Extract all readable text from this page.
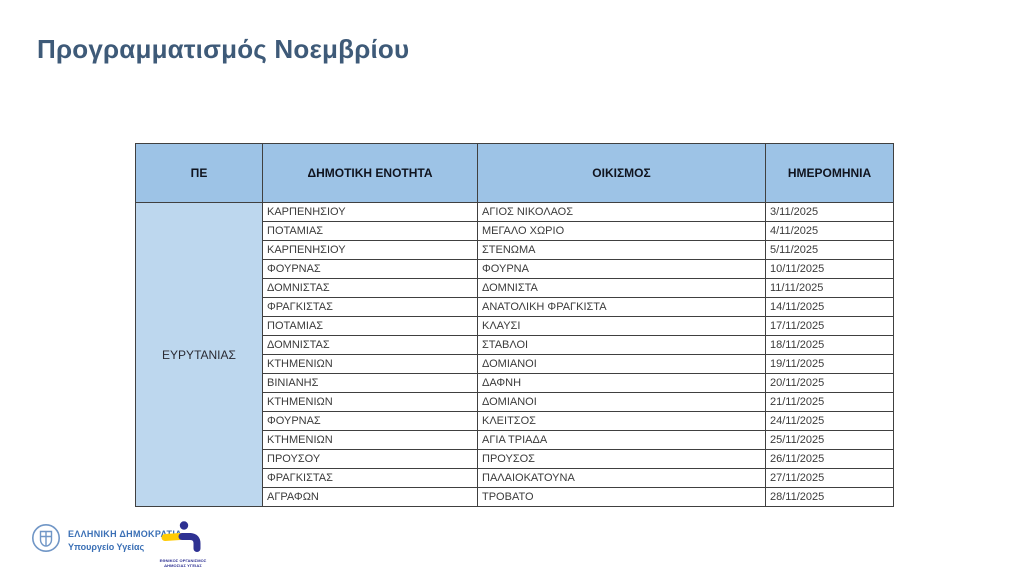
Προγραμματισμός Νοεμβρίου
ΠΕ	ΔΗΜΟΤΙΚΗ ΕΝΟΤΗΤΑ	ΟΙΚΙΣΜΟΣ	ΗΜΕΡΟΜΗΝΙΑ
ΕΥΡΥΤΑΝΙΑΣ	ΚΑΡΠΕΝΗΣΙΟΥ	ΑΓΙΟΣ ΝΙΚΟΛΑΟΣ	3/11/2025
	ΠΟΤΑΜΙΑΣ	ΜΕΓΑΛΟ ΧΩΡΙΟ	4/11/2025
	ΚΑΡΠΕΝΗΣΙΟΥ	ΣΤΕΝΩΜΑ	5/11/2025
	ΦΟΥΡΝΑΣ	ΦΟΥΡΝΑ	10/11/2025
	ΔΟΜΝΙΣΤΑΣ	ΔΟΜΝΙΣΤΑ	11/11/2025
	ΦΡΑΓΚΙΣΤΑΣ	ΑΝΑΤΟΛΙΚΗ ΦΡΑΓΚΙΣΤΑ	14/11/2025
	ΠΟΤΑΜΙΑΣ	ΚΛΑΥΣΙ	17/11/2025
	ΔΟΜΝΙΣΤΑΣ	ΣΤΑΒΛΟΙ	18/11/2025
	ΚΤΗΜΕΝΙΩΝ	ΔΟΜΙΑΝΟΙ	19/11/2025
	ΒΙΝΙΑΝΗΣ	ΔΑΦΝΗ	20/11/2025
	ΚΤΗΜΕΝΙΩΝ	ΔΟΜΙΑΝΟΙ	21/11/2025
	ΦΟΥΡΝΑΣ	ΚΛΕΙΤΣΟΣ	24/11/2025
	ΚΤΗΜΕΝΙΩΝ	ΑΓΙΑ ΤΡΙΑΔΑ	25/11/2025
	ΠΡΟΥΣΟΥ	ΠΡΟΥΣΟΣ	26/11/2025
	ΦΡΑΓΚΙΣΤΑΣ	ΠΑΛΑΙΟΚΑΤΟΥΝΑ	27/11/2025
	ΑΓΡΑΦΩΝ	ΤΡΟΒΑΤΟ	28/11/2025
ΕΛΛΗΝΙΚΗ ΔΗΜΟΚΡΑΤΙΑ
Υπουργείο Υγείας
ΕΘΝΙΚΟΣ ΟΡΓΑΝΙΣΜΟΣ
ΔΗΜΟΣΙΑΣ ΥΓΕΙΑΣ
